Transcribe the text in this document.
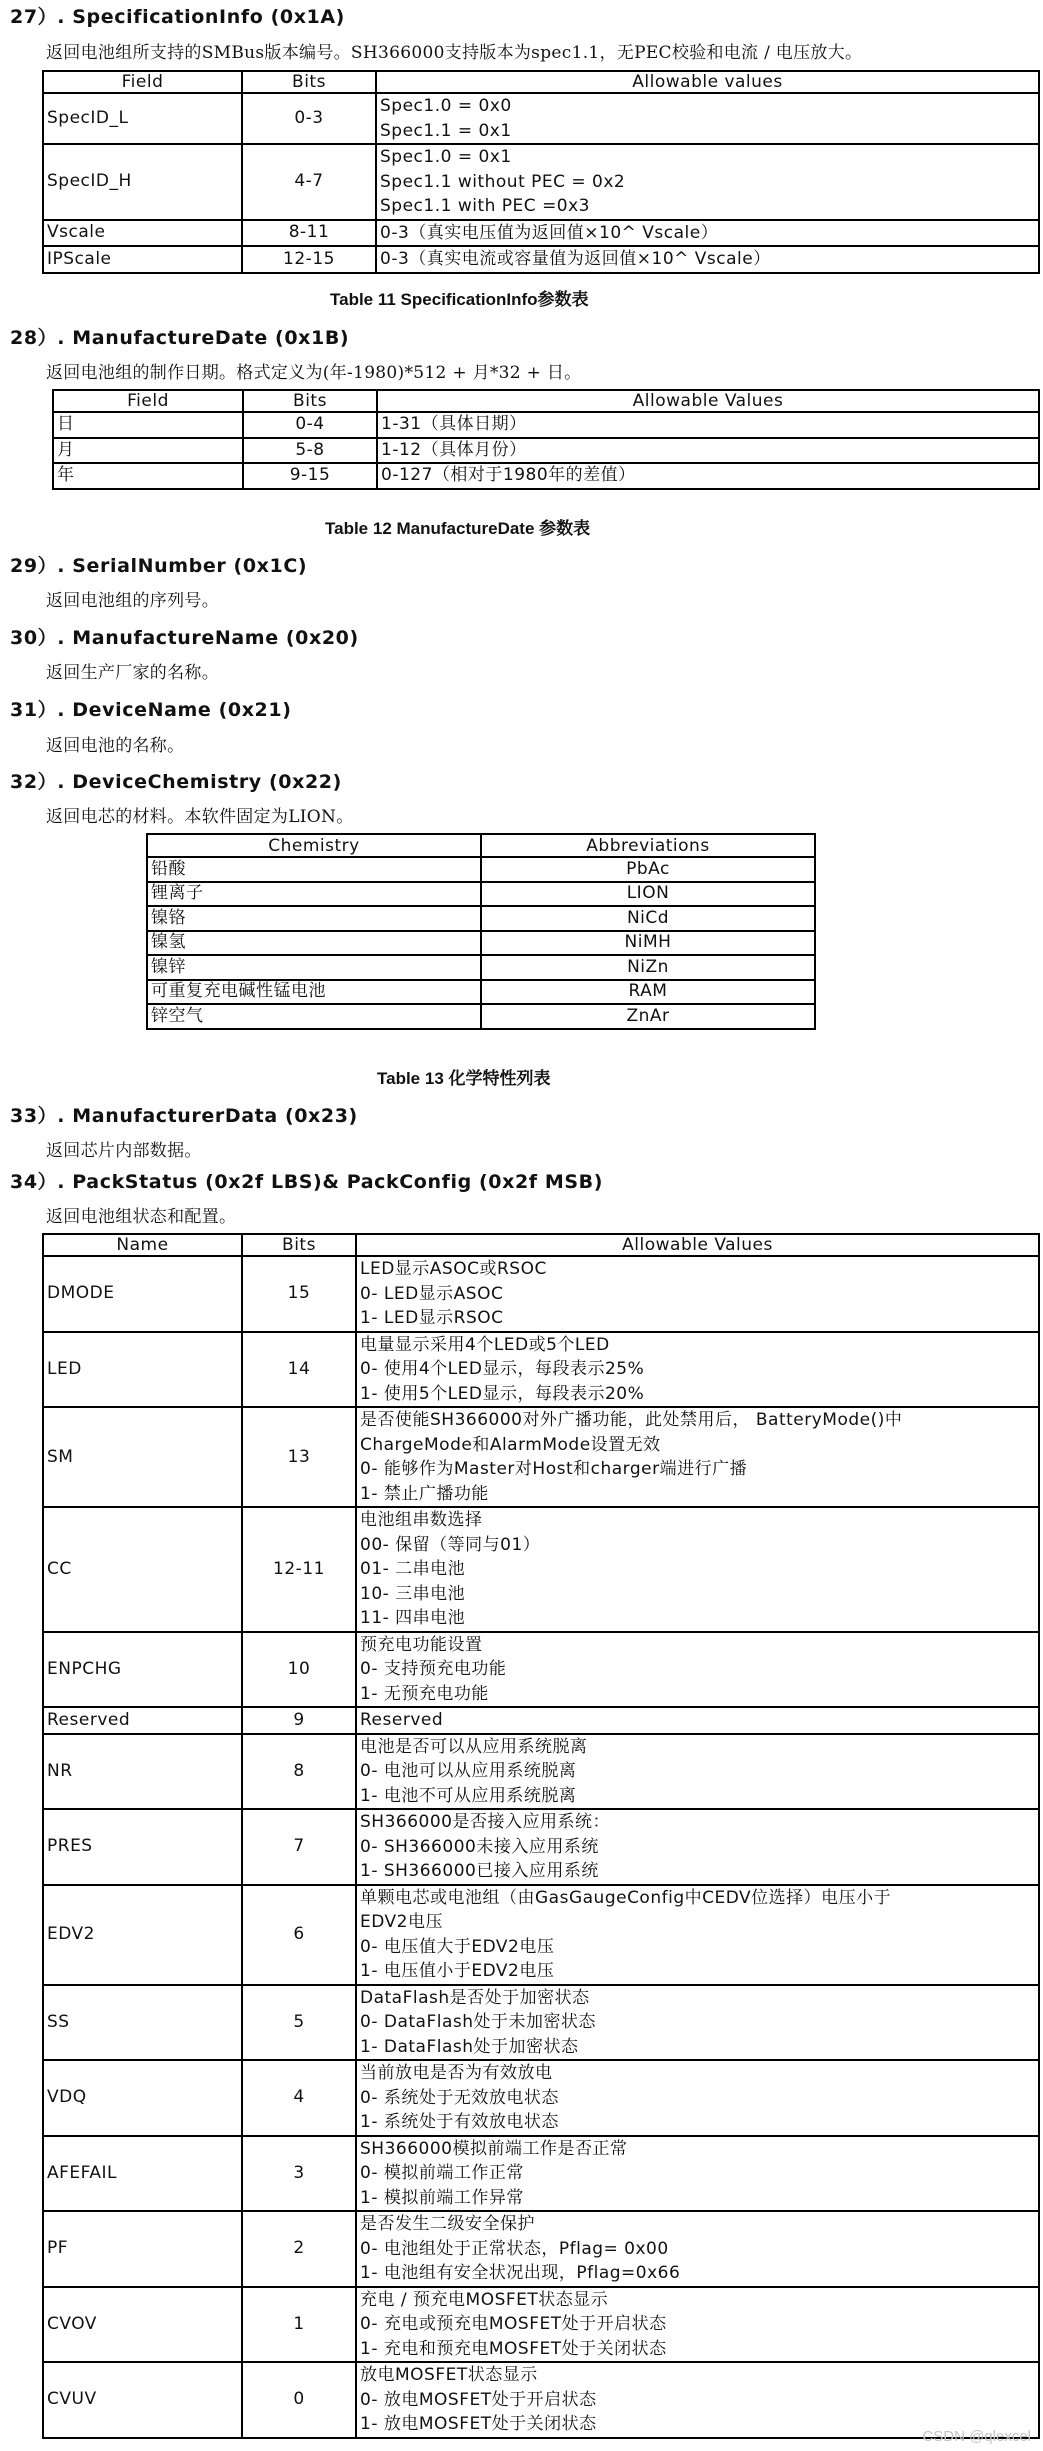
27）. SpecificationInfo (0x1A)
返回电池组所支持的SMBus版本编号。SH366000支持版本为spec1.1，无PEC校验和电流 / 电压放大。
Field	Bits	Allowable values
SpecID_L	0-3	Spec1.0 = 0x0
Spec1.1 = 0x1

SpecID_H	4-7	Spec1.0 = 0x1
Spec1.1 without PEC = 0x2
Spec1.1 with PEC =0x3

Vscale	8-11	0-3（真实电压值为返回值×10^ Vscale）

IPScale	12-15	0-3（真实电流或容量值为返回值×10^ Vscale）
Table 11 SpecificationInfo参数表
28）. ManufactureDate (0x1B)
返回电池组的制作日期。格式定义为(年-1980)*512 + 月*32 + 日。
Field	Bits	Allowable Values
日	0-4	1-31（具体日期）

月	5-8	1-12（具体月份）

年	9-15	0-127（相对于1980年的差值）
Table 12 ManufactureDate 参数表
29）. SerialNumber (0x1C)
返回电池组的序列号。
30）. ManufactureName (0x20)
返回生产厂家的名称。
31）. DeviceName (0x21)
返回电池的名称。
32）. DeviceChemistry (0x22)
返回电芯的材料。本软件固定为LION。
Chemistry	Abbreviations
铅酸	PbAc
锂离子	LION
镍铬	NiCd
镍氢	NiMH
镍锌	NiZn
可重复充电碱性锰电池	RAM
锌空气	ZnAr
Table 13 化学特性列表
33）. ManufacturerData (0x23)
返回芯片内部数据。
34）. PackStatus (0x2f LBS)& PackConfig (0x2f MSB)
返回电池组状态和配置。
Name	Bits	Allowable Values
DMODE	15	LED显示ASOC或RSOC
0- LED显示ASOC
1- LED显示RSOC

LED	14	电量显示采用4个LED或5个LED
0- 使用4个LED显示，每段表示25%
1- 使用5个LED显示，每段表示20%

SM	13	是否使能SH366000对外广播功能，此处禁用后， BatteryMode()中
ChargeMode和AlarmMode设置无效
0- 能够作为Master对Host和charger端进行广播
1- 禁止广播功能

CC	12-11	电池组串数选择
00- 保留（等同与01）
01- 二串电池
10- 三串电池
11- 四串电池

ENPCHG	10	预充电功能设置
0- 支持预充电功能
1- 无预充电功能

Reserved	9	Reserved

NR	8	电池是否可以从应用系统脱离
0- 电池可以从应用系统脱离
1- 电池不可从应用系统脱离

PRES	7	SH366000是否接入应用系统：
0- SH366000未接入应用系统
1- SH366000已接入应用系统

EDV2	6	单颗电芯或电池组（由GasGaugeConfig中CEDV位选择）电压小于
EDV2电压
0- 电压值大于EDV2电压
1- 电压值小于EDV2电压

SS	5	DataFlash是否处于加密状态
0- DataFlash处于未加密状态
1- DataFlash处于加密状态

VDQ	4	当前放电是否为有效放电
0- 系统处于无效放电状态
1- 系统处于有效放电状态

AFEFAIL	3	SH366000模拟前端工作是否正常
0- 模拟前端工作正常
1- 模拟前端工作异常

PF	2	是否发生二级安全保护
0- 电池组处于正常状态，Pflag= 0x00
1- 电池组有安全状况出现，Pflag=0x66

CVOV	1	充电 / 预充电MOSFET状态显示
0- 充电或预充电MOSFET处于开启状态
1- 充电和预充电MOSFET处于关闭状态

CVUV	0	放电MOSFET状态显示
0- 放电MOSFET处于开启状态
1- 放电MOSFET处于关闭状态
CSDN @qlexcel
